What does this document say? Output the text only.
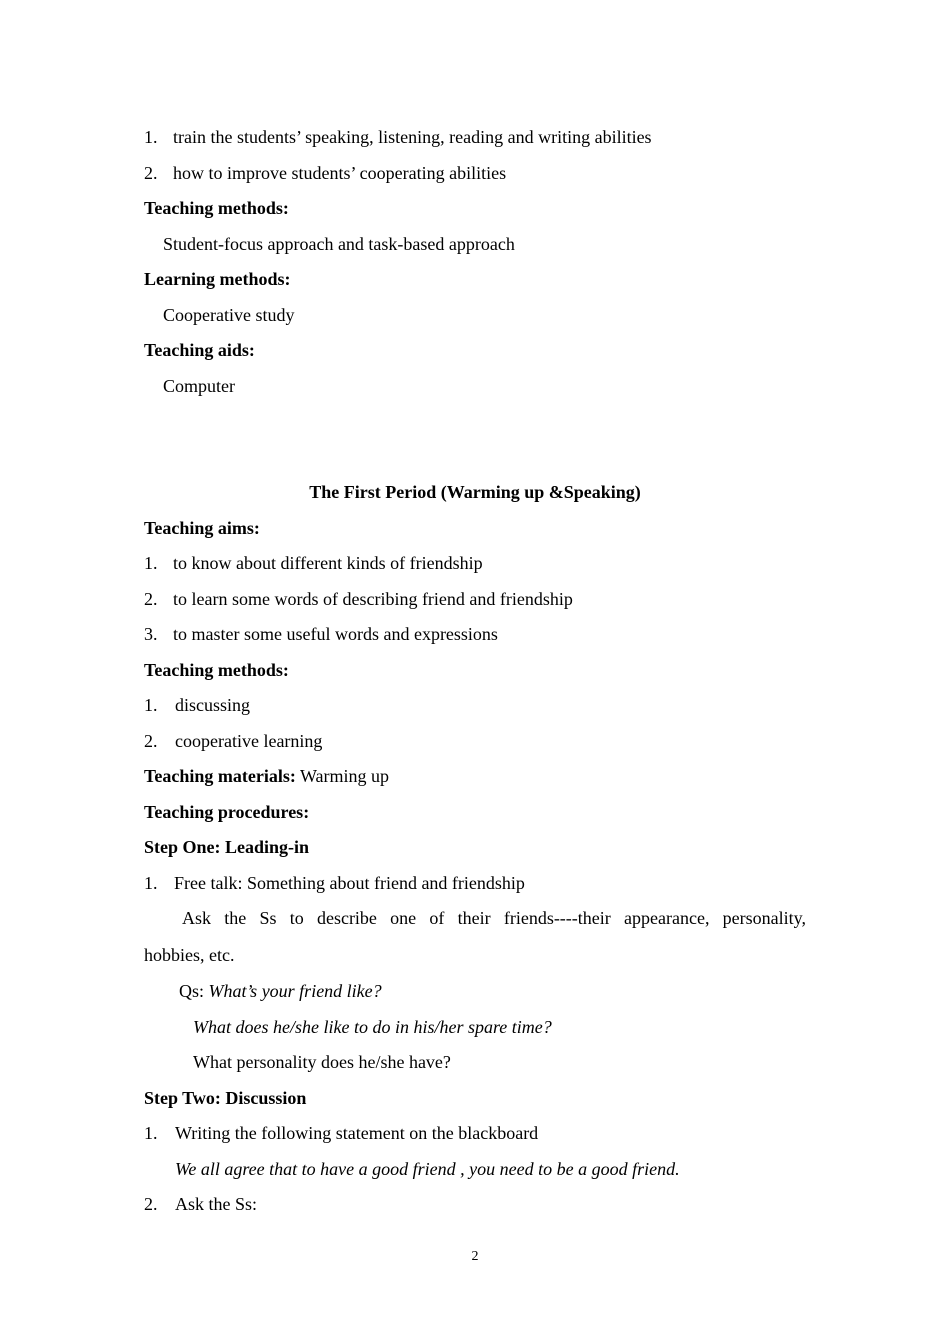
1. train the students’ speaking, listening, reading and writing abilities
2. how to improve students’ cooperating abilities
Teaching methods:
Student-focus approach and task-based approach
Learning methods:
Cooperative study
Teaching aids:
Computer
The First Period (Warming up &Speaking)
Teaching aims:
1. to know about different kinds of friendship
2. to learn some words of describing friend and friendship
3. to master some useful words and expressions
Teaching methods:
1. discussing
2. cooperative learning
Teaching materials: Warming up
Teaching procedures:
Step One: Leading-in
1. Free talk: Something about friend and friendship
Ask the Ss to describe one of their friends----their appearance, personality,
hobbies, etc.
Qs: What’s your friend like?
What does he/she like to do in his/her spare time?
What personality does he/she have?
Step Two: Discussion
1. Writing the following statement on the blackboard
We all agree that to have a good friend , you need to be a good friend.
2. Ask the Ss:
2
